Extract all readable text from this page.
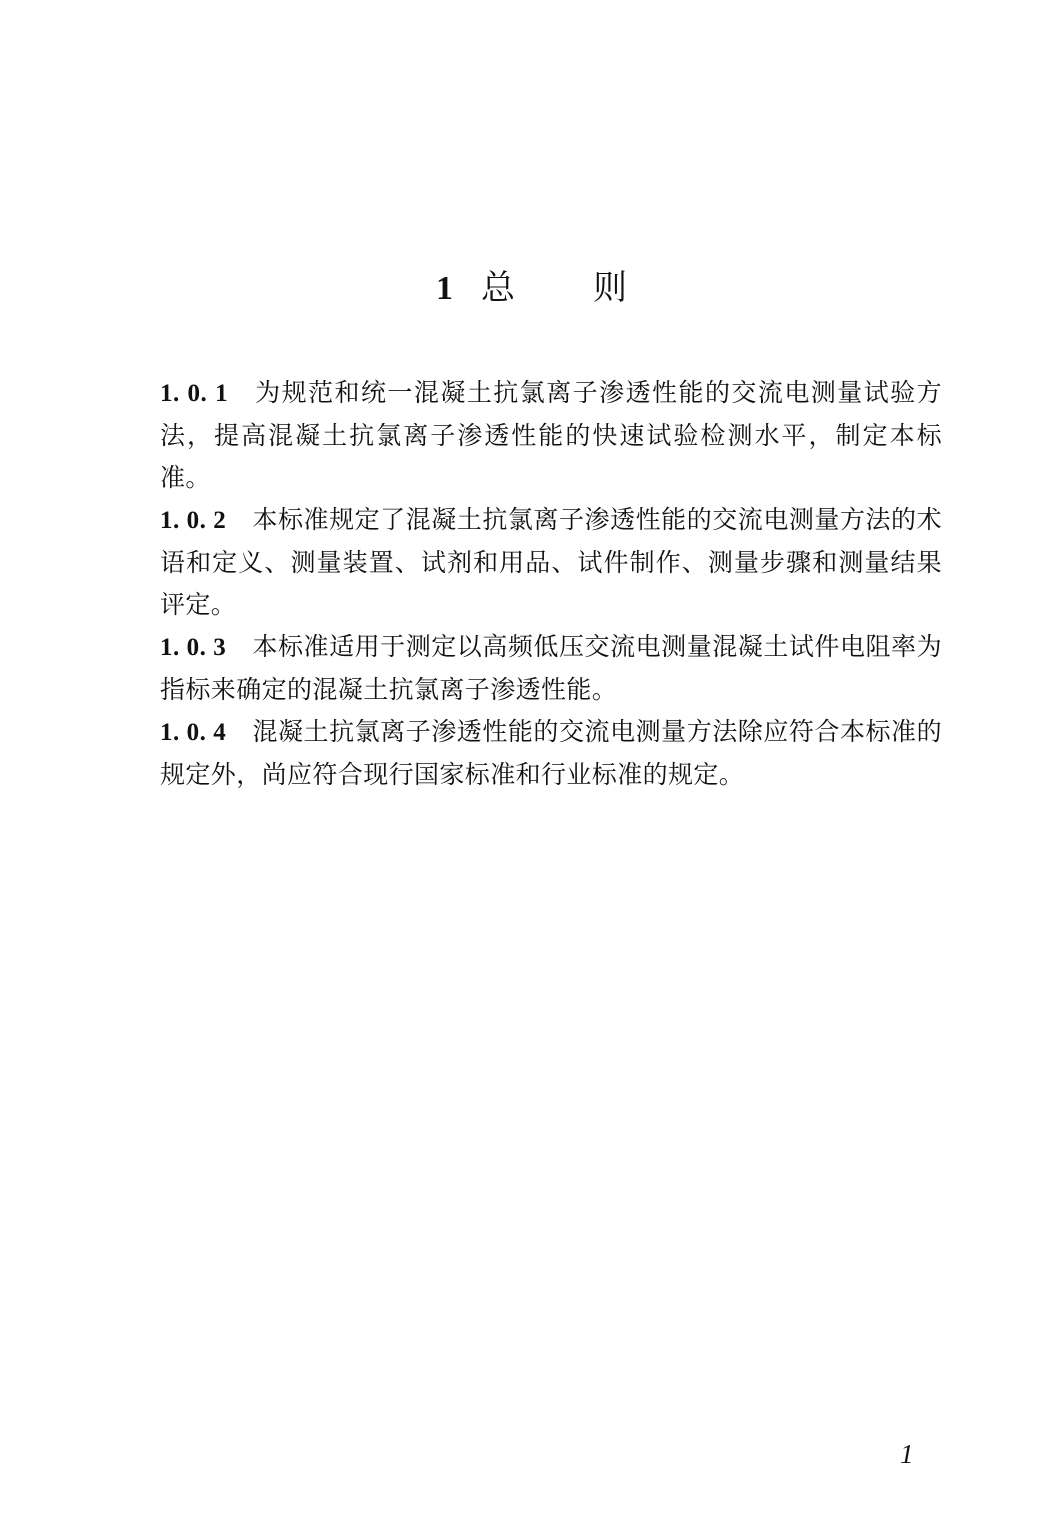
1 总 则

1. 0. 1 为规范和统一混凝土抗氯离子渗透性能的交流电测量试验方法，提高混凝土抗氯离子渗透性能的快速试验检测水平，制定本标准。

1. 0. 2 本标准规定了混凝土抗氯离子渗透性能的交流电测量方法的术语和定义、测量装置、试剂和用品、试件制作、测量步骤和测量结果评定。

1. 0. 3 本标准适用于测定以高频低压交流电测量混凝土试件电阻率为指标来确定的混凝土抗氯离子渗透性能。

1. 0. 4 混凝土抗氯离子渗透性能的交流电测量方法除应符合本标准的规定外，尚应符合现行国家标准和行业标准的规定。

1
